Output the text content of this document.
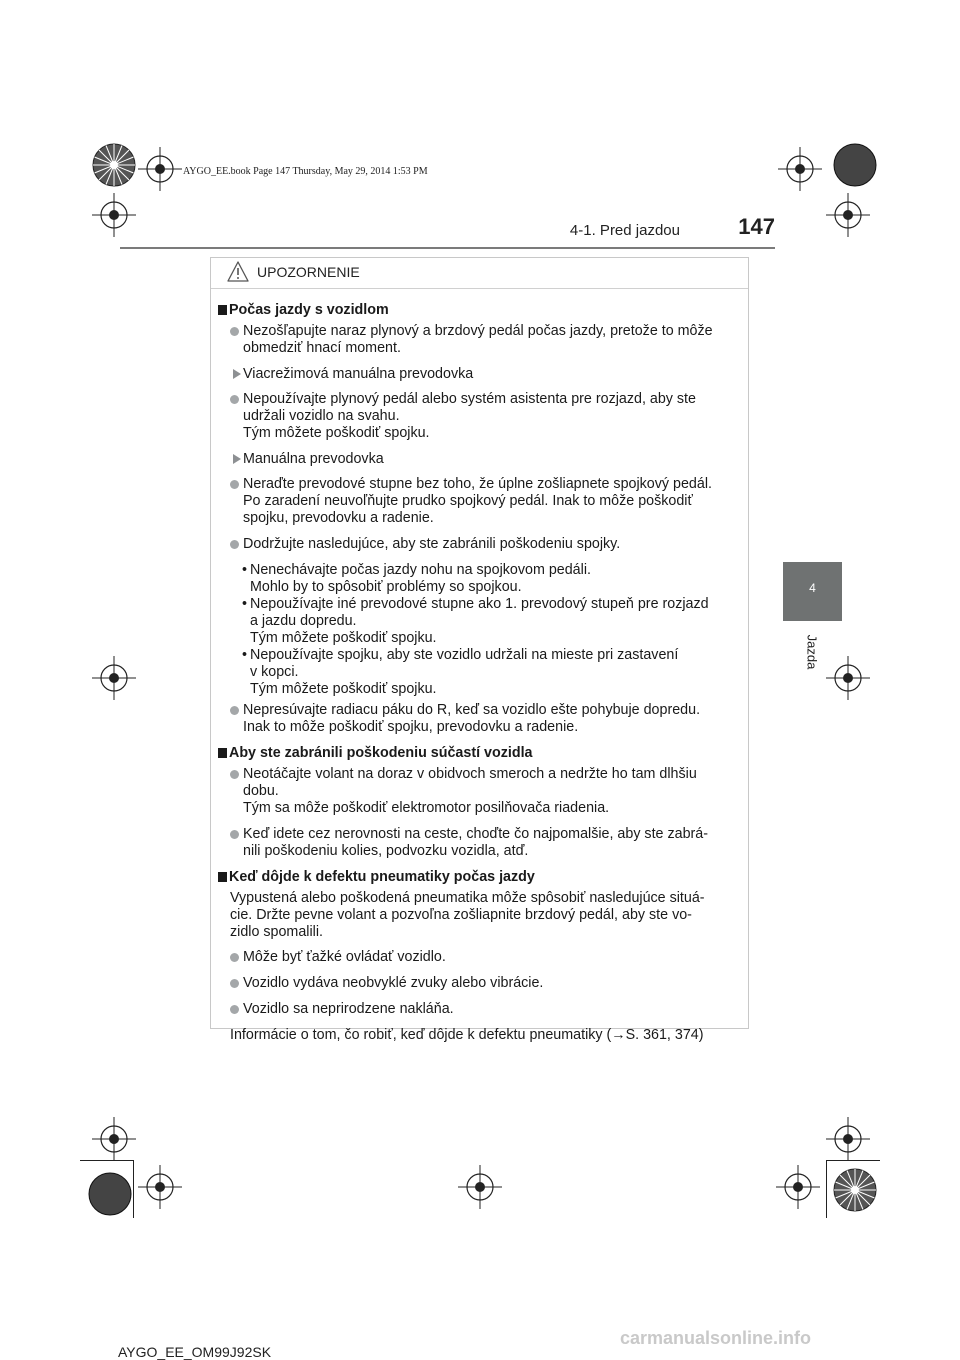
AYGO_EE.book Page 147 Thursday, May 29, 2014 1:53 PM
4-1. Pred jazdou	147
4
Jazda
UPOZORNENIE
Počas jazdy s vozidlom
Nezošľapujte naraz plynový a brzdový pedál počas jazdy, pretože to môže
obmedziť hnací moment.
Viacrežimová manuálna prevodovka
Nepoužívajte plynový pedál alebo systém asistenta pre rozjazd, aby ste
udržali vozidlo na svahu.
Tým môžete poškodiť spojku.
Manuálna prevodovka
Neraďte prevodové stupne bez toho, že úplne zošliapnete spojkový pedál.
Po zaradení neuvoľňujte prudko spojkový pedál. Inak to môže poškodiť
spojku, prevodovku a radenie.
Dodržujte nasledujúce, aby ste zabránili poškodeniu spojky.
• Nenechávajte počas jazdy nohu na spojkovom pedáli.
Mohlo by to spôsobiť problémy so spojkou.
• Nepoužívajte iné prevodové stupne ako 1. prevodový stupeň pre rozjazd
a jazdu dopredu.
Tým môžete poškodiť spojku.
• Nepoužívajte spojku, aby ste vozidlo udržali na mieste pri zastavení
v kopci.
Tým môžete poškodiť spojku.
Nepresúvajte radiacu páku do R, keď sa vozidlo ešte pohybuje dopredu.
Inak to môže poškodiť spojku, prevodovku a radenie.
Aby ste zabránili poškodeniu súčastí vozidla
Neotáčajte volant na doraz v obidvoch smeroch a nedržte ho tam dlhšiu
dobu.
Tým sa môže poškodiť elektromotor posilňovača riadenia.
Keď idete cez nerovnosti na ceste, choďte čo najpomalšie, aby ste zabrá-
nili poškodeniu kolies, podvozku vozidla, atď.
Keď dôjde k defektu pneumatiky počas jazdy
Vypustená alebo poškodená pneumatika môže spôsobiť nasledujúce situá-
cie. Držte pevne volant a pozvoľna zošliapnite brzdový pedál, aby ste vo-
zidlo spomalili.
Môže byť ťažké ovládať vozidlo.
Vozidlo vydáva neobvyklé zvuky alebo vibrácie.
Vozidlo sa neprirodzene nakláňa.
Informácie o tom, čo robiť, keď dôjde k defektu pneumatiky (→S. 361, 374)
AYGO_EE_OM99J92SK
carmanualsonline.info
